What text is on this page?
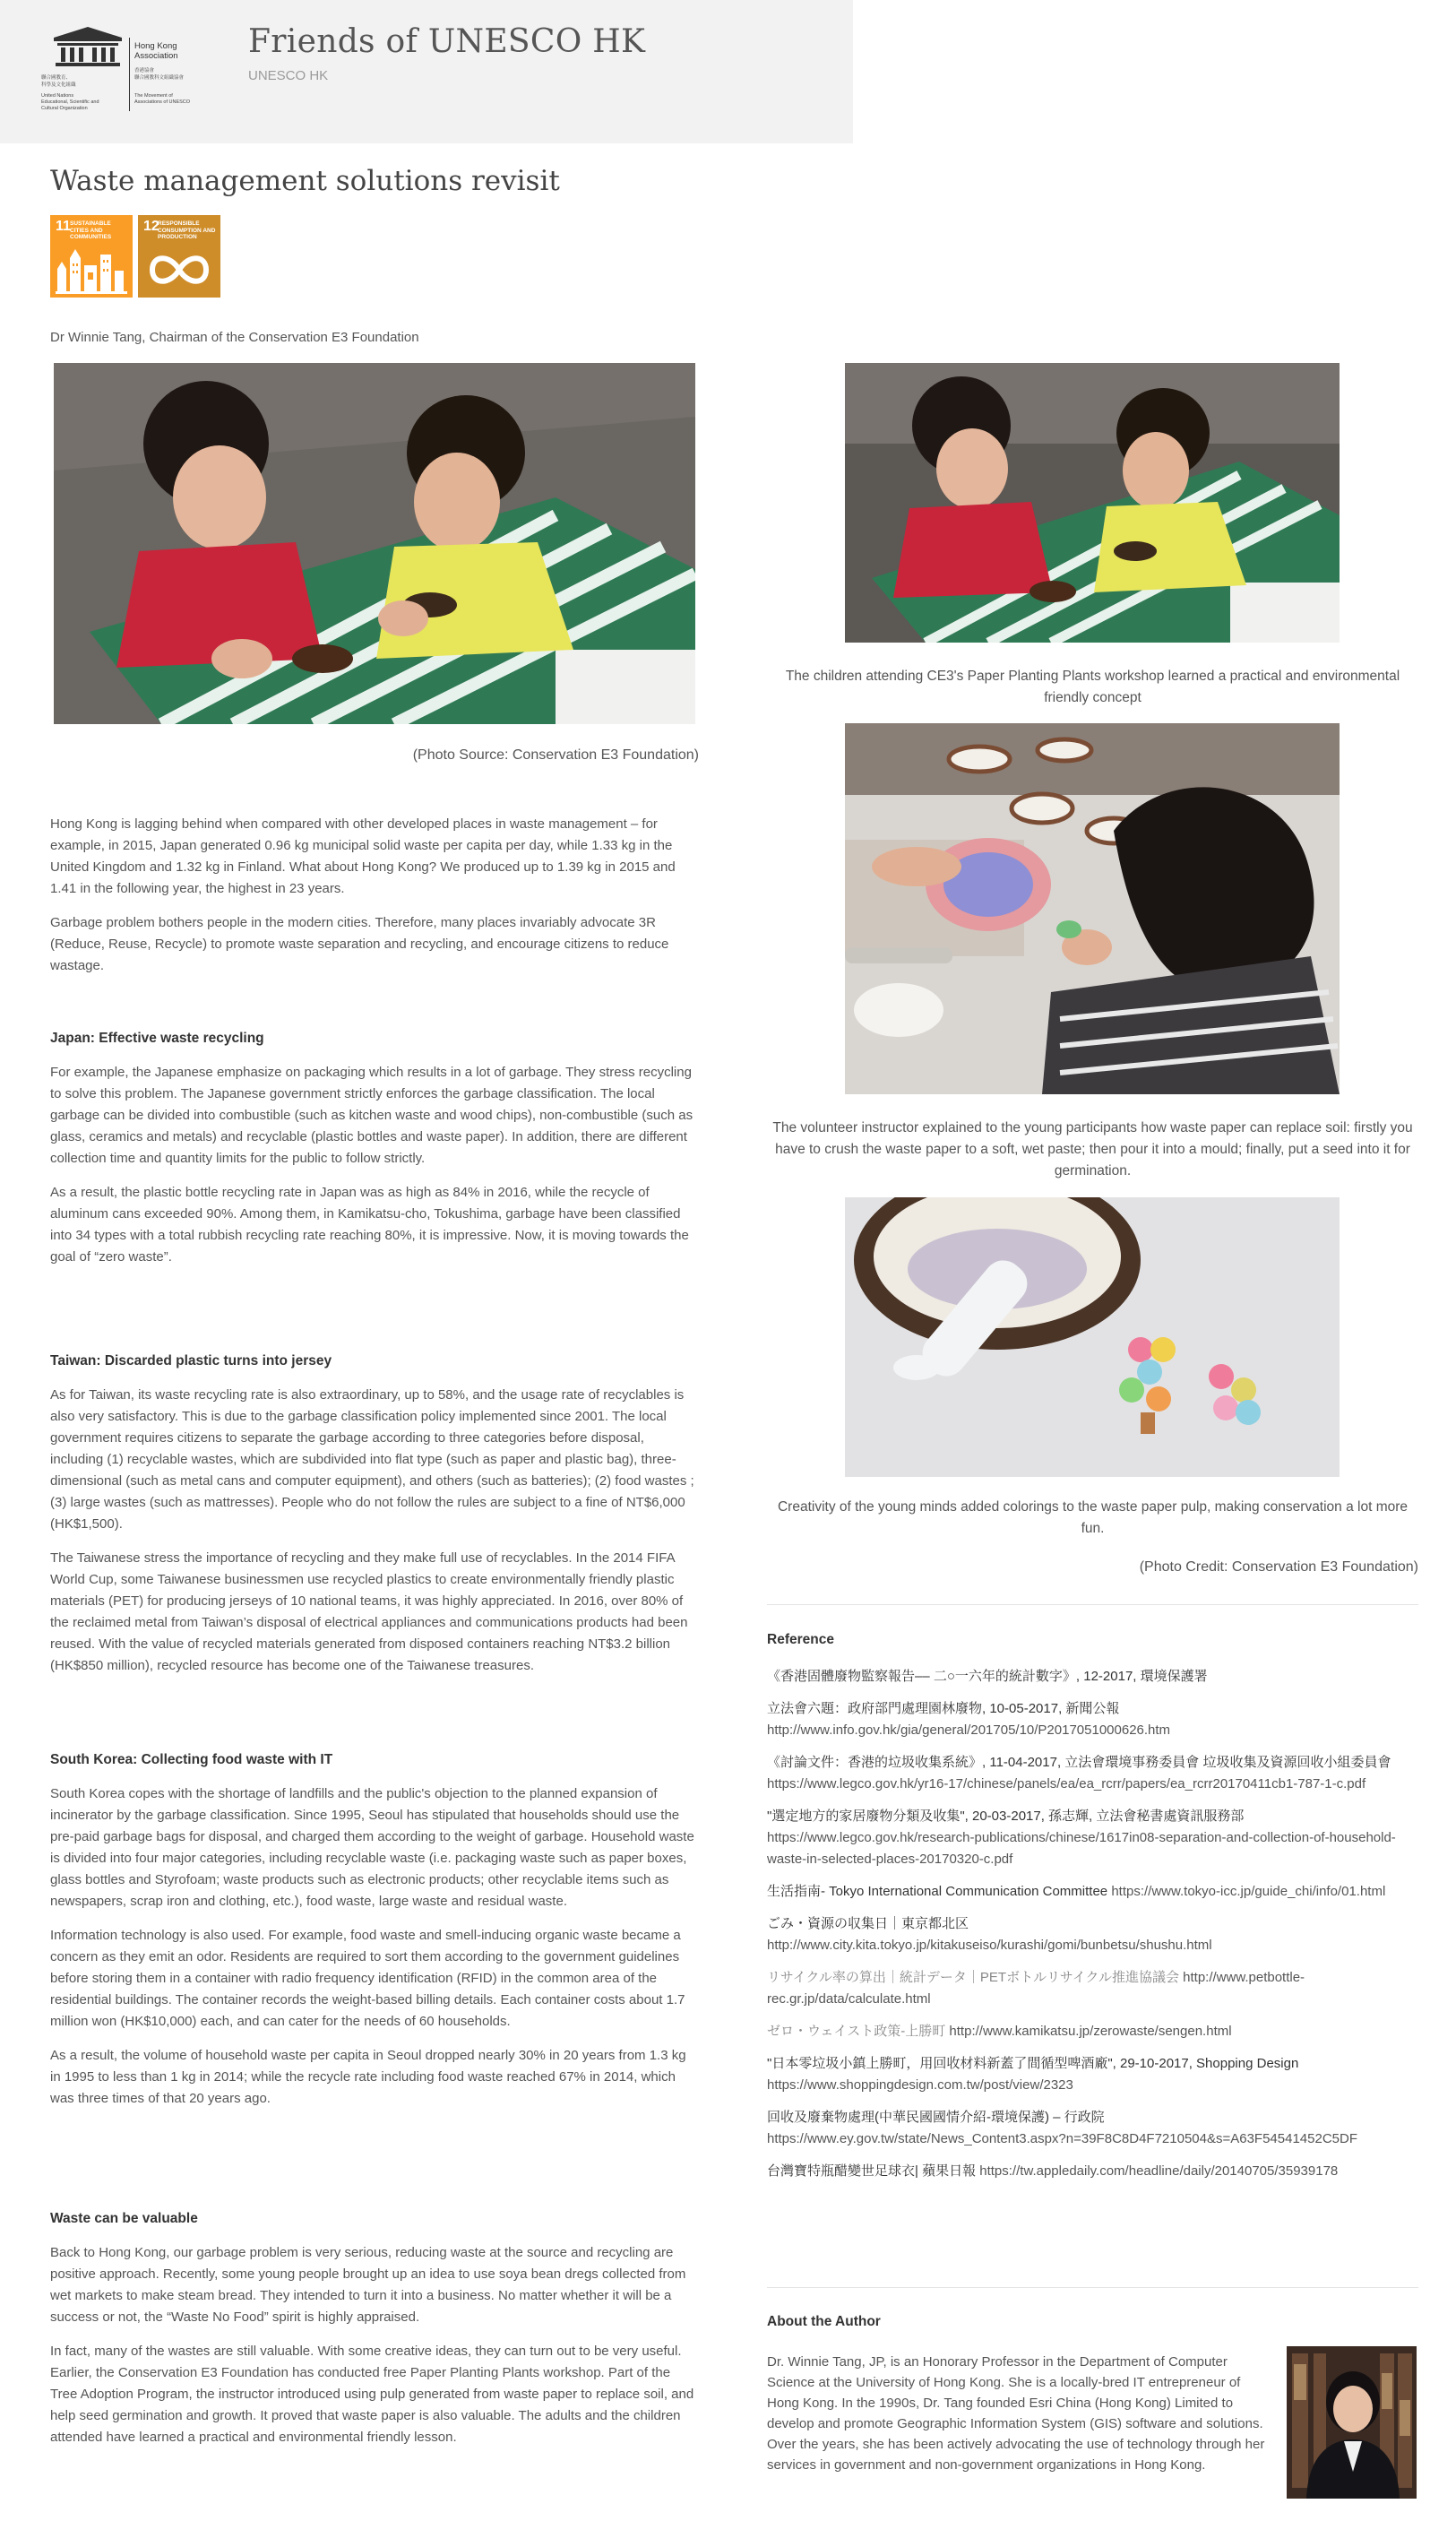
聯合國教育、
科學及文化組織
United Nations
Educational, Scientific and
Cultural Organization
Hong Kong Association
香港協會
聯合國教科文組織協會
The Movement of
Associations of UNESCO
Friends of UNESCO HK
UNESCO HK
Waste management solutions revisit
11 SUSTAINABLE CITIES AND COMMUNITIES
12
RESPONSIBLE CONSUMPTION AND PRODUCTION
Dr Winnie Tang, Chairman of the Conservation E3 Foundation
(Photo Source: Conservation E3 Foundation)

Hong Kong is lagging behind when compared with other developed places in waste management – for example, in 2015, Japan generated 0.96 kg municipal solid waste per capita per day, while 1.33 kg in the United Kingdom and 1.32 kg in Finland. What about Hong Kong? We produced up to 1.39 kg in 2015 and 1.41 in the following year, the highest in 23 years.

Garbage problem bothers people in the modern cities. Therefore, many places invariably advocate 3R (Reduce, Reuse, Recycle) to promote waste separation and recycling, and encourage citizens to reduce wastage.

Japan: Effective waste recycling

For example, the Japanese emphasize on packaging which results in a lot of garbage. They stress recycling to solve this problem. The Japanese government strictly enforces the garbage classification. The local garbage can be divided into combustible (such as kitchen waste and wood chips), non-combustible (such as glass, ceramics and metals) and recyclable (plastic bottles and waste paper). In addition, there are different collection time and quantity limits for the public to follow strictly.

As a result, the plastic bottle recycling rate in Japan was as high as 84% in 2016, while the recycle of aluminum cans exceeded 90%. Among them, in Kamikatsu-cho, Tokushima, garbage have been classified into 34 types with a total rubbish recycling rate reaching 80%, it is impressive. Now, it is moving towards the goal of “zero waste”.

Taiwan: Discarded plastic turns into jersey

As for Taiwan, its waste recycling rate is also extraordinary, up to 58%, and the usage rate of recyclables is also very satisfactory. This is due to the garbage classification policy implemented since 2001. The local government requires citizens to separate the garbage according to three categories before disposal, including (1) recyclable wastes, which are subdivided into flat type (such as paper and plastic bag), three-dimensional (such as metal cans and computer equipment), and others (such as batteries); (2) food wastes ; (3) large wastes (such as mattresses). People who do not follow the rules are subject to a fine of NT$6,000 (HK$1,500).

The Taiwanese stress the importance of recycling and they make full use of recyclables. In the 2014 FIFA World Cup, some Taiwanese businessmen use recycled plastics to create environmentally friendly plastic materials (PET) for producing jerseys of 10 national teams, it was highly appreciated. In 2016, over 80% of the reclaimed metal from Taiwan’s disposal of electrical appliances and communications products had been reused. With the value of recycled materials generated from disposed containers reaching NT$3.2 billion (HK$850 million), recycled resource has become one of the Taiwanese treasures.

South Korea: Collecting food waste with IT

South Korea copes with the shortage of landfills and the public's objection to the planned expansion of incinerator by the garbage classification. Since 1995, Seoul has stipulated that households should use the pre-paid garbage bags for disposal, and charged them according to the weight of garbage. Household waste is divided into four major categories, including recyclable waste (i.e. packaging waste such as paper boxes, glass bottles and Styrofoam; waste products such as electronic products; other recyclable items such as newspapers, scrap iron and clothing, etc.), food waste, large waste and residual waste.

Information technology is also used. For example, food waste and smell-inducing organic waste became a concern as they emit an odor. Residents are required to sort them according to the government guidelines before storing them in a container with radio frequency identification (RFID) in the common area of the residential buildings. The container records the weight-based billing details. Each container costs about 1.7 million won (HK$10,000) each, and can cater for the needs of 60 households.

As a result, the volume of household waste per capita in Seoul dropped nearly 30% in 20 years from 1.3 kg in 1995 to less than 1 kg in 2014; while the recycle rate including food waste reached 67% in 2014, which was three times of that 20 years ago.

Waste can be valuable

Back to Hong Kong, our garbage problem is very serious, reducing waste at the source and recycling are positive approach. Recently, some young people brought up an idea to use soya bean dregs collected from wet markets to make steam bread. They intended to turn it into a business. No matter whether it will be a success or not, the “Waste No Food” spirit is highly appraised.

In fact, many of the wastes are still valuable. With some creative ideas, they can turn out to be very useful. Earlier, the Conservation E3 Foundation has conducted free Paper Planting Plants workshop. Part of the Tree Adoption Program, the instructor introduced using pulp generated from waste paper to replace soil, and help seed germination and growth. It proved that waste paper is also valuable. The adults and the children attended have learned a practical and environmental friendly lesson.

The children attending CE3's Paper Planting Plants workshop learned a practical and environmental friendly concept
The volunteer instructor explained to the young participants how waste paper can replace soil: firstly you have to crush the waste paper to a soft, wet paste; then pour it into a mould; finally, put a seed into it for germination.
Creativity of the young minds added colorings to the waste paper pulp, making conservation a lot more fun.
(Photo Credit: Conservation E3 Foundation)
Reference
《香港固體廢物監察報告–– 二○一六年的統計數字》, 12-2017, 環境保護署
立法會六題：政府部門處理園林廢物, 10-05-2017, 新聞公報
http://www.info.gov.hk/gia/general/201705/10/P2017051000626.htm
《討論文件：香港的垃圾收集系統》, 11-04-2017, 立法會環境事務委員會 垃圾收集及資源回收小組委員會 https://www.legco.gov.hk/yr16-17/chinese/panels/ea/ea_rcrr/papers/ea_rcrr20170411cb1-787-1-c.pdf
"選定地方的家居廢物分類及收集", 20-03-2017, 孫志輝, 立法會秘書處資訊服務部
https://www.legco.gov.hk/research-publications/chinese/1617in08-separation-and-collection-of-household-waste-in-selected-places-20170320-c.pdf
生活指南- Tokyo International Communication Committee https://www.tokyo-icc.jp/guide_chi/info/01.html
ごみ・資源の収集日｜東京都北区
http://www.city.kita.tokyo.jp/kitakuseiso/kurashi/gomi/bunbetsu/shushu.html
リサイクル率の算出｜統計データ｜PETボトルリサイクル推進協議会 http://www.petbottle-rec.gr.jp/data/calculate.html
ゼロ・ウェイスト政策-上勝町 http://www.kamikatsu.jp/zerowaste/sengen.html
"日本零垃圾小鎮上勝町，用回收材料新蓋了間循型啤酒廠", 29-10-2017, Shopping Design
https://www.shoppingdesign.com.tw/post/view/2323
回收及廢棄物處理(中華民國國情介紹-環境保護) – 行政院
https://www.ey.gov.tw/state/News_Content3.aspx?n=39F8C8D4F7210504&s=A63F54541452C5DF
台灣寶特瓶醋變世足球衣| 蘋果日報 https://tw.appledaily.com/headline/daily/20140705/35939178
About the Author
Dr. Winnie Tang, JP, is an Honorary Professor in the Department of Computer Science at the University of Hong Kong. She is a locally-bred IT entrepreneur of Hong Kong. In the 1990s, Dr. Tang founded Esri China (Hong Kong) Limited to develop and promote Geographic Information System (GIS) software and solutions. Over the years, she has been actively advocating the use of technology through her services in government and non-government organizations in Hong Kong.
